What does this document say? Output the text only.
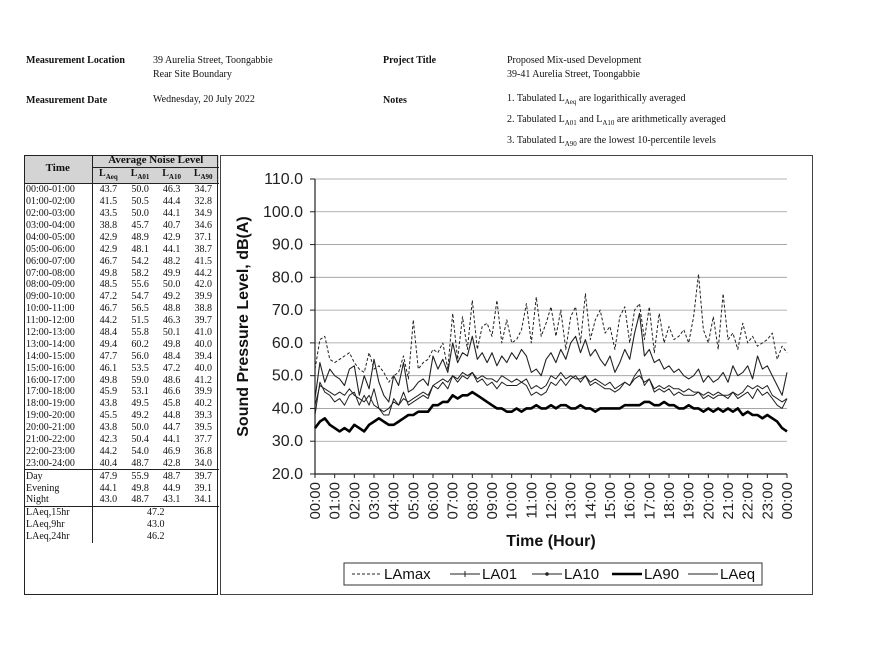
Measurement Location	39 Aurelia Street, Toongabbie
Rear Site Boundary
Project Title	Proposed Mix-used Development
39-41 Aurelia Street, Toongabbie
Measurement Date	Wednesday, 20 July 2022	Notes	1. Tabulated $L_{Aeq}$ are logarithically averaged
2. Tabulated $L_{A01}$ and $L_{A10}$ are arithmetically averaged
3. Tabulated $L_{A90}$ are the lowest 10-percentile levels
Time	Average Noise Level			
	$L_{Aeq}$	$L_{A01}$	$L_{A10}$	$L_{A90}$
00:00-01:00	43.7	50.0	46.3	34.7
01:00-02:00	41.5	50.5	44.4	32.8
02:00-03:00	43.5	50.0	44.1	34.9
03:00-04:00	38.8	45.7	40.7	34.6
04:00-05:00	42.9	48.9	42.9	37.1
05:00-06:00	42.9	48.1	44.1	38.7
06:00-07:00	46.7	54.2	48.2	41.5
07:00-08:00	49.8	58.2	49.9	44.2
08:00-09:00	48.5	55.6	50.0	42.0
09:00-10:00	47.2	54.7	49.2	39.9
10:00-11:00	46.7	56.5	48.8	38.8
11:00-12:00	44.2	51.5	46.3	39.7
12:00-13:00	48.4	55.8	50.1	41.0
13:00-14:00	49.4	60.2	49.8	40.0
14:00-15:00	47.7	56.0	48.4	39.4
15:00-16:00	46.1	53.5	47.2	40.0
16:00-17:00	49.8	59.0	48.6	41.2
17:00-18:00	45.9	53.1	46.6	39.9
18:00-19:00	43.8	49.5	45.8	40.2
19:00-20:00	45.5	49.2	44.8	39.3
20:00-21:00	43.8	50.0	44.7	39.5
21:00-22:00	42.3	50.4	44.1	37.7
22:00-23:00	44.2	54.0	46.9	36.8
23:00-24:00	40.4	48.7	42.8	34.0
Day	47.9	55.9	48.7	39.7
Evening	44.1	49.8	44.9	39.1
Night	43.0	48.7	43.1	34.1
LAeq,15hr	47.2			
LAeq,9hr	43.0			
LAeq,24hr	46.2			
20.0
30.0
40.0
50.0
60.0
70.0
80.0
90.0
100.0
110.0
00:00 01:00 02:00 03:00 04:00 05:00 06:00 07:00 08:00 09:00 10:00 11:00 12:00 13:00 14:00 15:00 16:00 17:00 18:00 19:00 20:00 21:00 22:00 23:00 00:00
Time (Hour)
Sound Pressure Level, dB(A)
LAmax	LA01	LA10	LA90	LAeq
